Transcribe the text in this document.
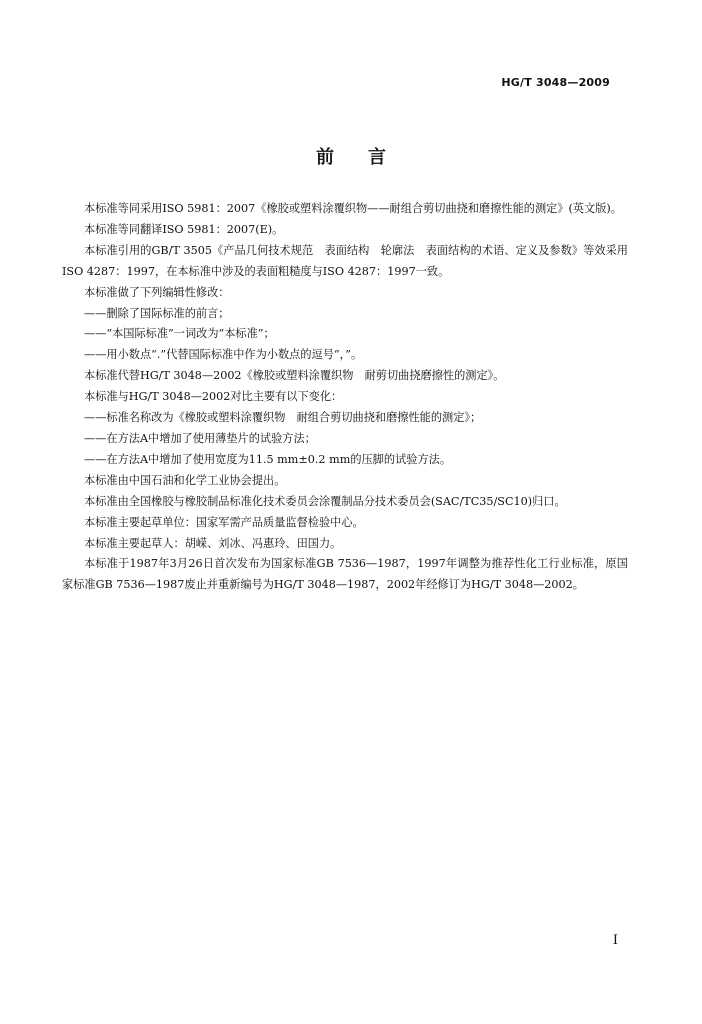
HG/T 3048—2009
前言

本标准等同采用ISO 5981：2007《橡胶或塑料涂覆织物——耐组合剪切曲挠和磨擦性能的测定》(英文版)。

本标准等同翻译ISO 5981：2007(E)。

本标准引用的GB/T 3505《产品几何技术规范　表面结构　轮廓法　表面结构的术语、定义及参数》等效采用ISO 4287：1997，在本标准中涉及的表面粗糙度与ISO 4287：1997一致。

本标准做了下列编辑性修改：

——删除了国际标准的前言；

——“本国际标准”一词改为“本标准”；

——用小数点“.”代替国际标准中作为小数点的逗号“，”。

本标准代替HG/T 3048—2002《橡胶或塑料涂覆织物　耐剪切曲挠磨擦性的测定》。

本标准与HG/T 3048—2002对比主要有以下变化：

——标准名称改为《橡胶或塑料涂覆织物　耐组合剪切曲挠和磨擦性能的测定》；

——在方法A中增加了使用薄垫片的试验方法；

——在方法A中增加了使用宽度为11.5 mm±0.2 mm的压脚的试验方法。

本标准由中国石油和化学工业协会提出。

本标准由全国橡胶与橡胶制品标准化技术委员会涂覆制品分技术委员会(SAC/TC35/SC10)归口。

本标准主要起草单位：国家军需产品质量监督检验中心。

本标准主要起草人：胡嵘、刘冰、冯惠玲、田国力。

本标准于1987年3月26日首次发布为国家标准GB 7536—1987，1997年调整为推荐性化工行业标准，原国家标准GB 7536—1987废止并重新编号为HG/T 3048—1987，2002年经修订为HG/T 3048—2002。

I
